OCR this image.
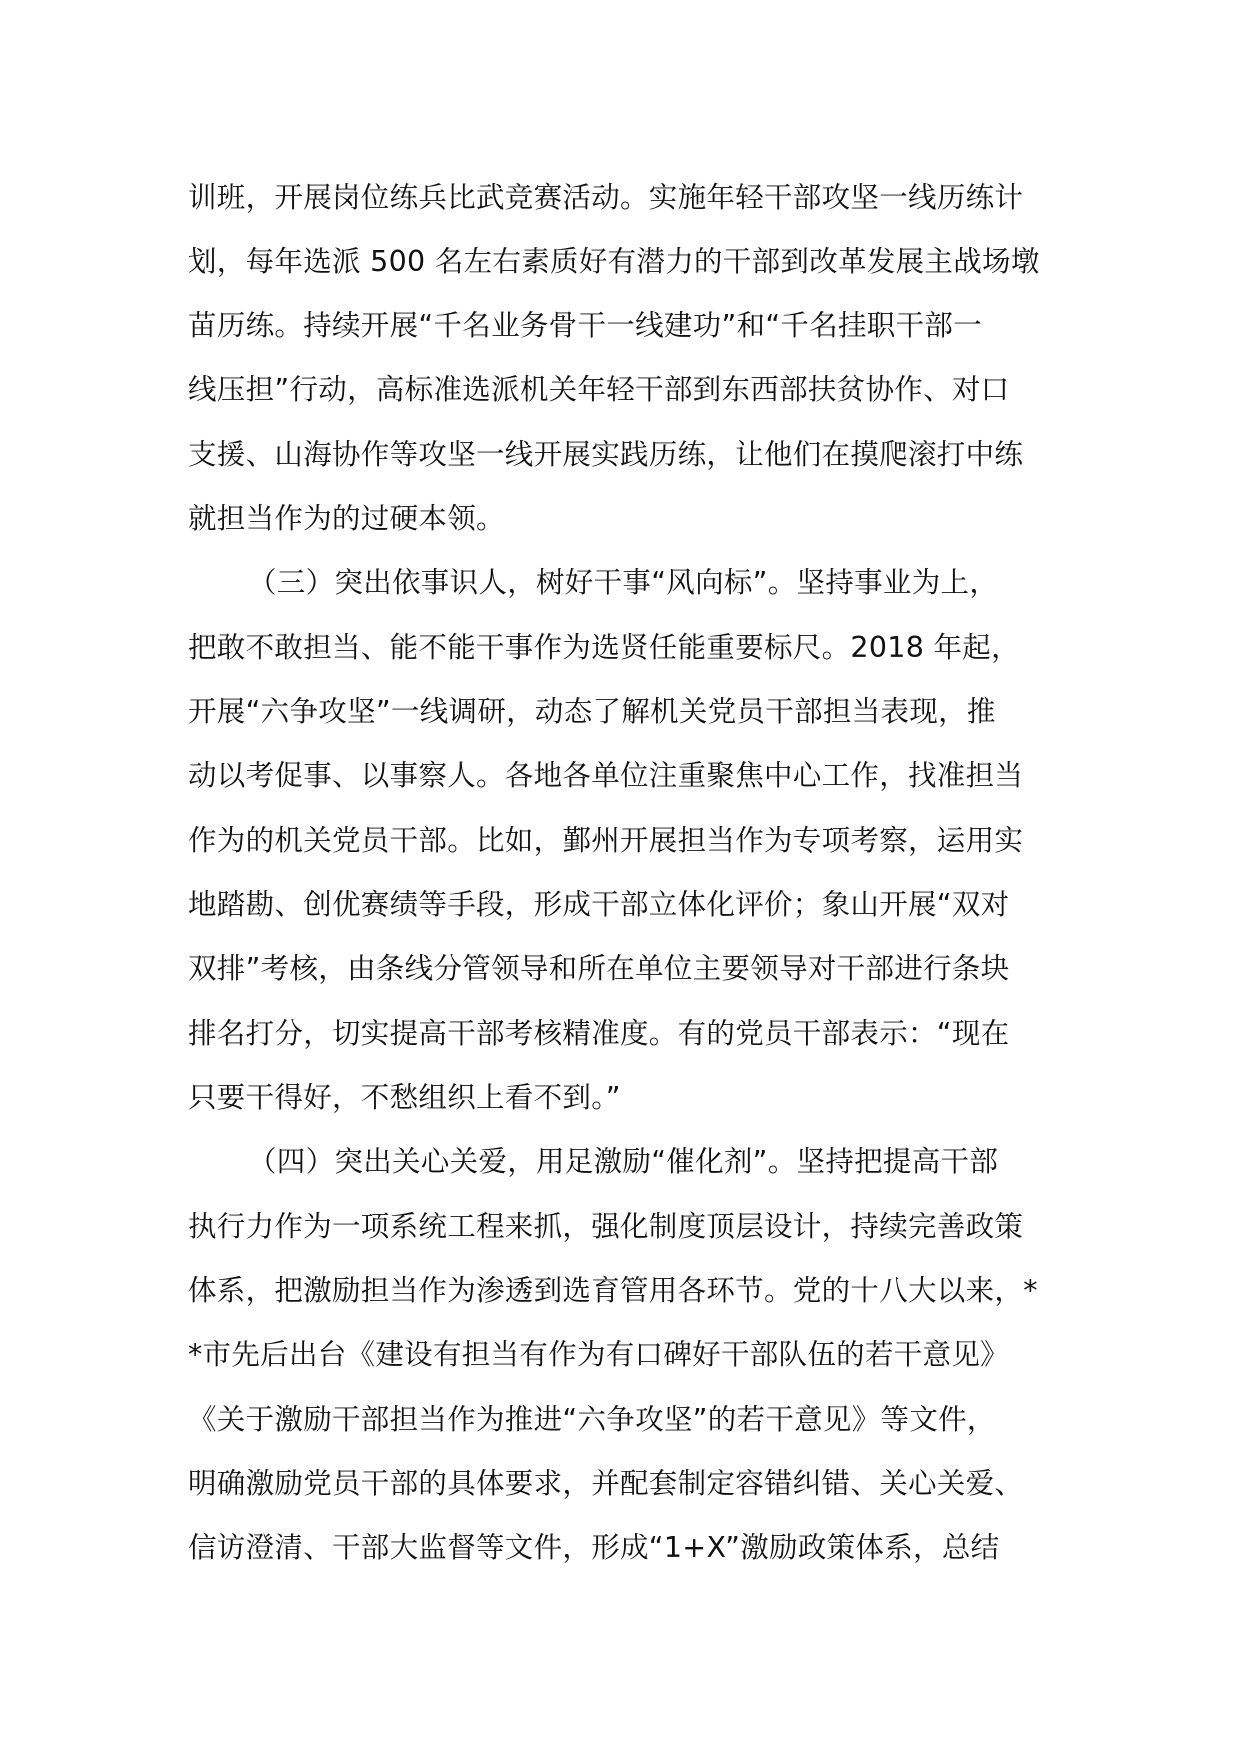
训班，开展岗位练兵比武竞赛活动。实施年轻干部攻坚一线历练计
划，每年选派 500 名左右素质好有潜力的干部到改革发展主战场墩
苗历练。持续开展“千名业务骨干一线建功”和“千名挂职干部一
线压担”行动，高标准选派机关年轻干部到东西部扶贫协作、对口
支援、山海协作等攻坚一线开展实践历练，让他们在摸爬滚打中练
就担当作为的过硬本领。
（三）突出依事识人，树好干事“风向标”。坚持事业为上，
把敢不敢担当、能不能干事作为选贤任能重要标尺。2018 年起，
开展“六争攻坚”一线调研，动态了解机关党员干部担当表现，推
动以考促事、以事察人。各地各单位注重聚焦中心工作，找准担当
作为的机关党员干部。比如，鄞州开展担当作为专项考察，运用实
地踏勘、创优赛绩等手段，形成干部立体化评价；象山开展“双对
双排”考核，由条线分管领导和所在单位主要领导对干部进行条块
排名打分，切实提高干部考核精准度。有的党员干部表示：“现在
只要干得好，不愁组织上看不到。”
（四）突出关心关爱，用足激励“催化剂”。坚持把提高干部
执行力作为一项系统工程来抓，强化制度顶层设计，持续完善政策
体系，把激励担当作为渗透到选育管用各环节。党的十八大以来，*
*市先后出台《建设有担当有作为有口碑好干部队伍的若干意见》
《关于激励干部担当作为推进“六争攻坚”的若干意见》等文件，
明确激励党员干部的具体要求，并配套制定容错纠错、关心关爱、
信访澄清、干部大监督等文件，形成“1+X”激励政策体系，总结
